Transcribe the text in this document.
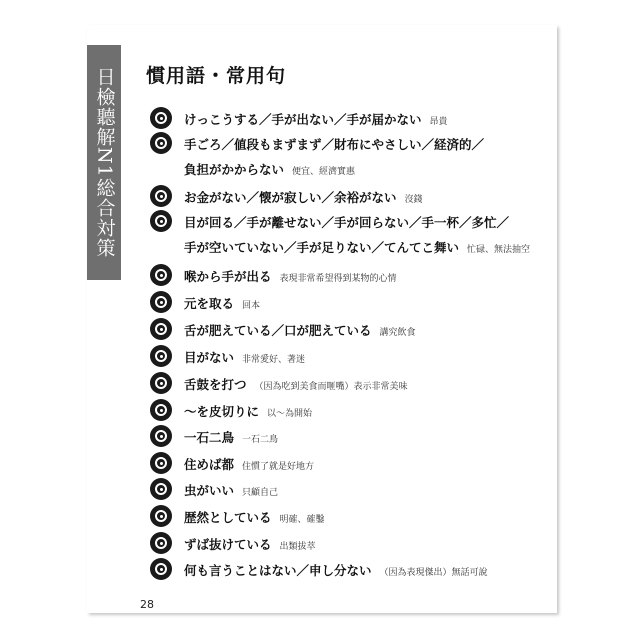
日檢聽解N1総合対策 慣用語・常用句
けっこうする／手が出ない／手が届かない 昂貴
手ごろ／値段もまずまず／財布にやさしい／経済的／
負担がかからない 便宜、經濟實惠
お金がない／懐が寂しい／余裕がない 沒錢
目が回る／手が離せない／手が回らない／手一杯／多忙／
手が空いていない／手が足りない／てんてこ舞い 忙碌、無法抽空
喉から手が出る 表現非常希望得到某物的心情
元を取る 回本
舌が肥えている／口が肥えている 講究飲食
目がない 非常愛好、著迷
舌鼓を打つ （因為吃到美食而咂嘴）表示非常美味
～を皮切りに 以～為開始
一石二鳥 一石二鳥
住めば都 住慣了就是好地方
虫がいい 只顧自己
歴然としている 明確、確鑿
ずば抜けている 出類拔萃
何も言うことはない／申し分ない （因為表現傑出）無話可說
28
